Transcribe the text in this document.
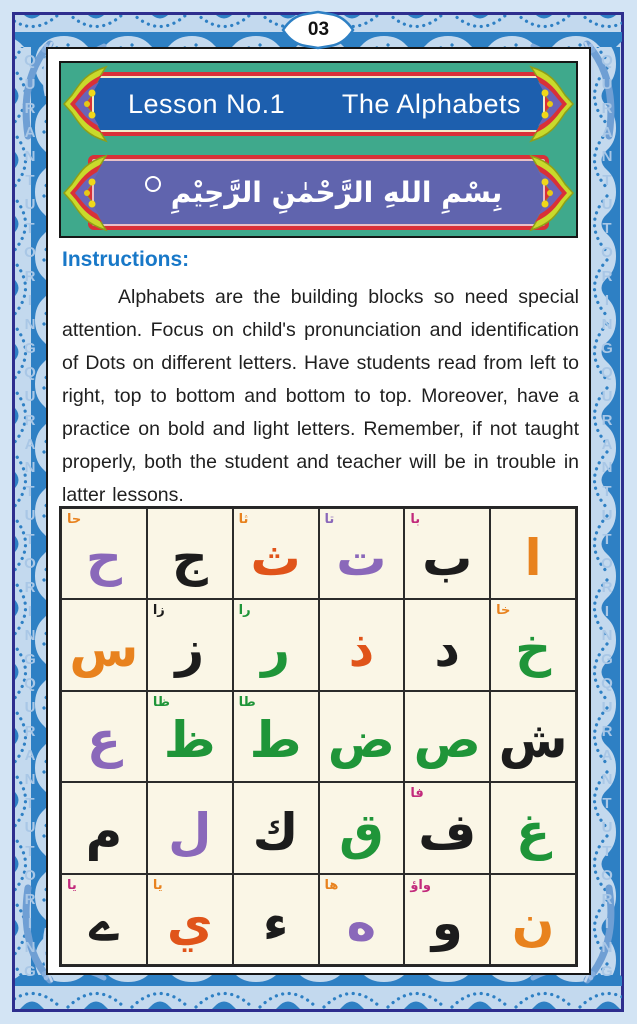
Q
U
R
A
N
T
U
T
O
R
I
N
G
Q
U
R
A
N
T
U
T
O
R
I
N
G
Q
U
R
A
N
T
U
T
O
R
I
N
G
Q
U
R
A
N
T
U
T
O
R
I
N
G
Q
U
R
A
N
T
U
T
O
R
I
N
G
Q
U
R
A
N
T
U
T
O
R
I
N
G
03
Lesson No.1 The Alphabets
بِسْمِ اللهِ الرَّحْمٰنِ الرَّحِيْمِ
Instructions:

Alphabets are the building blocks so need special attention. Focus on child's pronunciation and identification of Dots on different letters. Have students read from left to right, top to bottom and bottom to top. Moreover, have a practice on bold and light letters. Remember, if not taught properly, both the student and teacher will be in trouble in latter lessons.

ا
ب
با
ت
تا
ث
ثا
ج
ح
حا
خ
خا
د
ذ
ر
را
ز
زا
س
ش
ص
ض
ط
طا
ظ
ظا
ع
غ
ف
فا
ق
ك
ل
م
ن
و
واؤ
ه
ها
ء
ي
يا
ے
يا
